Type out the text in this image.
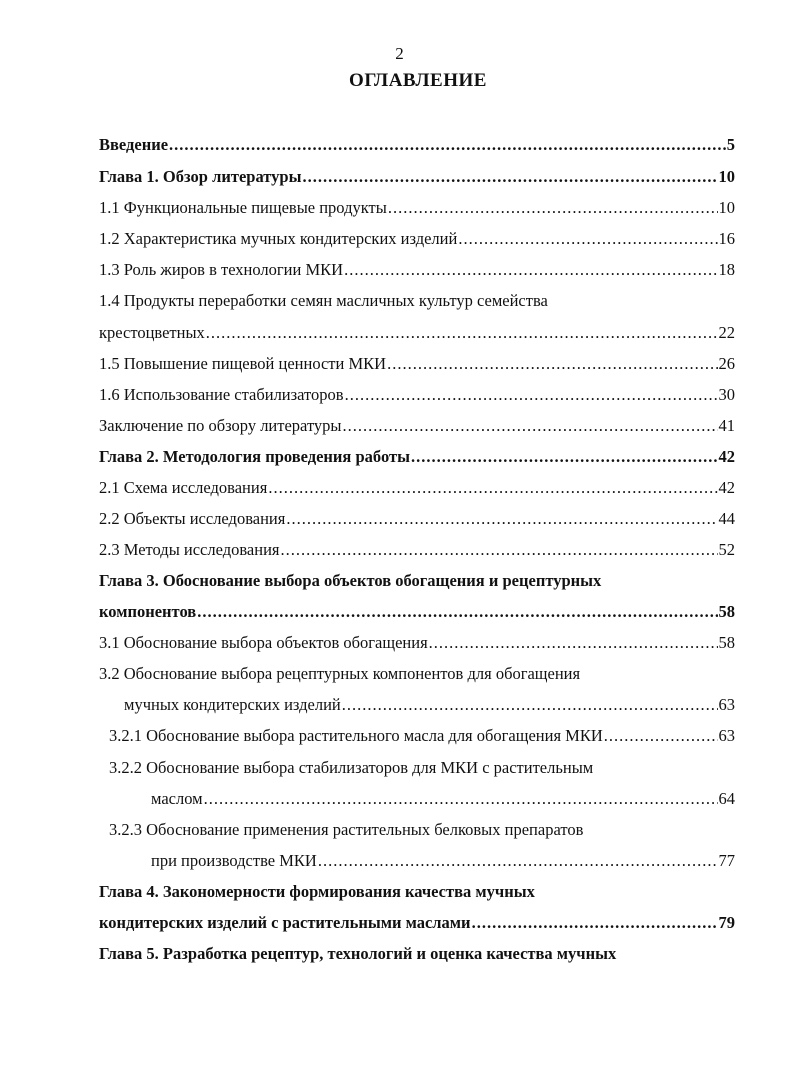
2
ОГЛАВЛЕНИЕ
Введение .....	5
Глава 1. Обзор литературы .....	10
1.1 Функциональные пищевые продукты .....	10
1.2 Характеристика мучных кондитерских изделий .....	16
1.3 Роль жиров в технологии МКИ .....	18
1.4 Продукты переработки семян масличных культур семейства
крестоцветных .....	22
1.5 Повышение пищевой ценности МКИ .....	26
1.6 Использование стабилизаторов .....	30
Заключение по обзору литературы .....	41
Глава 2. Методология проведения работы .....	42
2.1 Схема исследования .....	42
2.2 Объекты исследования .....	44
2.3 Методы исследования .....	52
Глава 3. Обоснование выбора объектов обогащения и рецептурных
компонентов .....	58
3.1 Обоснование выбора объектов обогащения .....	58
3.2 Обоснование выбора рецептурных компонентов для обогащения
мучных кондитерских изделий .....	63
3.2.1 Обоснование выбора растительного масла для обогащения МКИ .....	63
3.2.2 Обоснование выбора стабилизаторов для МКИ с растительным
маслом .....	64
3.2.3 Обоснование применения растительных белковых препаратов
при производстве МКИ .....	77
Глава 4. Закономерности формирования качества мучных
кондитерских изделий с растительными маслами .....	79
Глава 5. Разработка рецептур, технологий и оценка качества мучных
